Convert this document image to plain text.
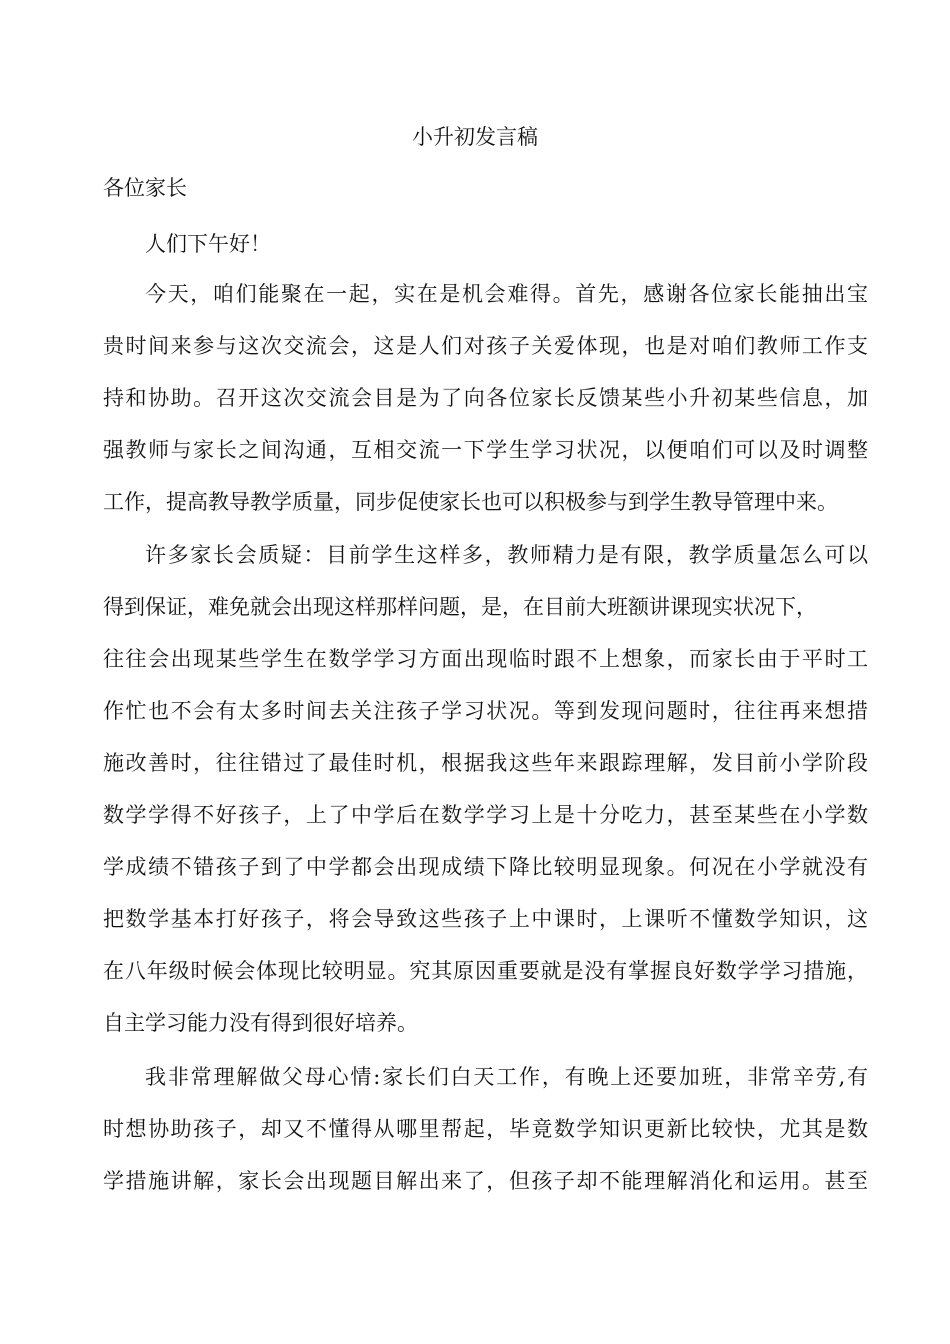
小升初发言稿
各位家长
人们下午好！
今天，咱们能聚在一起，实在是机会难得。首先，感谢各位家长能抽出宝
贵时间来参与这次交流会，这是人们对孩子关爱体现，也是对咱们教师工作支
持和协助。召开这次交流会目是为了向各位家长反馈某些小升初某些信息，加
强教师与家长之间沟通，互相交流一下学生学习状况，以便咱们可以及时调整
工作，提高教导教学质量，同步促使家长也可以积极参与到学生教导管理中来。
许多家长会质疑：目前学生这样多，教师精力是有限，教学质量怎么可以
得到保证，难免就会出现这样那样问题，是，在目前大班额讲课现实状况下，
往往会出现某些学生在数学学习方面出现临时跟不上想象，而家长由于平时工
作忙也不会有太多时间去关注孩子学习状况。等到发现问题时，往往再来想措
施改善时，往往错过了最佳时机，根据我这些年来跟踪理解，发目前小学阶段
数学学得不好孩子，上了中学后在数学学习上是十分吃力，甚至某些在小学数
学成绩不错孩子到了中学都会出现成绩下降比较明显现象。何况在小学就没有
把数学基本打好孩子，将会导致这些孩子上中课时，上课听不懂数学知识，这
在八年级时候会体现比较明显。究其原因重要就是没有掌握良好数学学习措施，
自主学习能力没有得到很好培养。
我非常理解做父母心情:家长们白天工作，有晚上还要加班，非常辛劳,有
时想协助孩子，却又不懂得从哪里帮起，毕竟数学知识更新比较快，尤其是数
学措施讲解，家长会出现题目解出来了，但孩子却不能理解消化和运用。甚至
